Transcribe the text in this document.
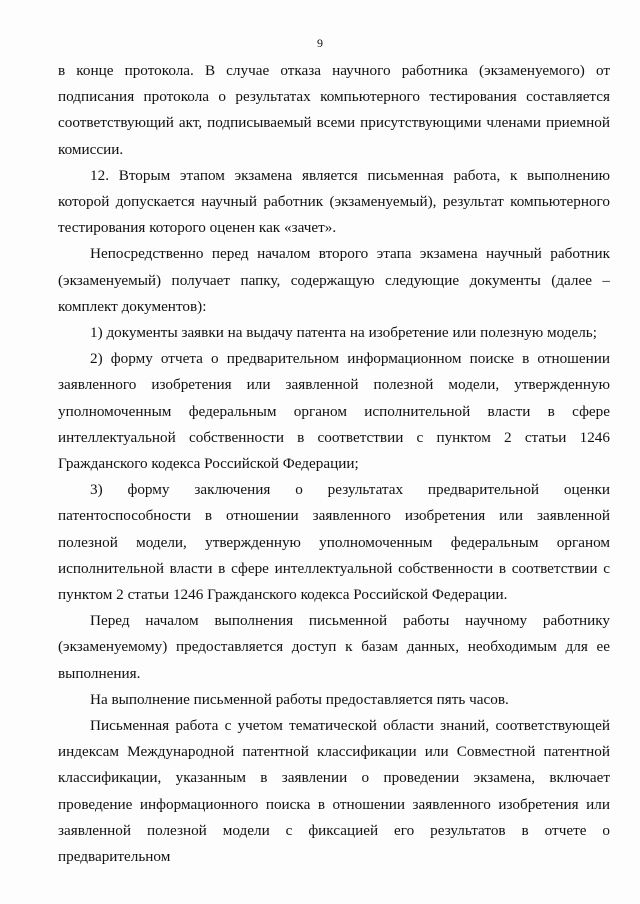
9

в конце протокола. В случае отказа научного работника (экзаменуемого) от подписания протокола о результатах компьютерного тестирования составляется соответствующий акт, подписываемый всеми присутствующими членами приемной комиссии.

12. Вторым этапом экзамена является письменная работа, к выполнению которой допускается научный работник (экзаменуемый), результат компьютерного тестирования которого оценен как «зачет».

Непосредственно перед началом второго этапа экзамена научный работник (экзаменуемый) получает папку, содержащую следующие документы (далее – комплект документов):

1) документы заявки на выдачу патента на изобретение или полезную модель;

2) форму отчета о предварительном информационном поиске в отношении заявленного изобретения или заявленной полезной модели, утвержденную уполномоченным федеральным органом исполнительной власти в сфере интеллектуальной собственности в соответствии с пунктом 2 статьи 1246 Гражданского кодекса Российской Федерации;

3) форму заключения о результатах предварительной оценки патентоспособности в отношении заявленного изобретения или заявленной полезной модели, утвержденную уполномоченным федеральным органом исполнительной власти в сфере интеллектуальной собственности в соответствии с пунктом 2 статьи 1246 Гражданского кодекса Российской Федерации.

Перед началом выполнения письменной работы научному работнику (экзаменуемому) предоставляется доступ к базам данных, необходимым для ее выполнения.

На выполнение письменной работы предоставляется пять часов.

Письменная работа с учетом тематической области знаний, соответствующей индексам Международной патентной классификации или Совместной патентной классификации, указанным в заявлении о проведении экзамена, включает проведение информационного поиска в отношении заявленного изобретения или заявленной полезной модели с фиксацией его результатов в отчете о предварительном
